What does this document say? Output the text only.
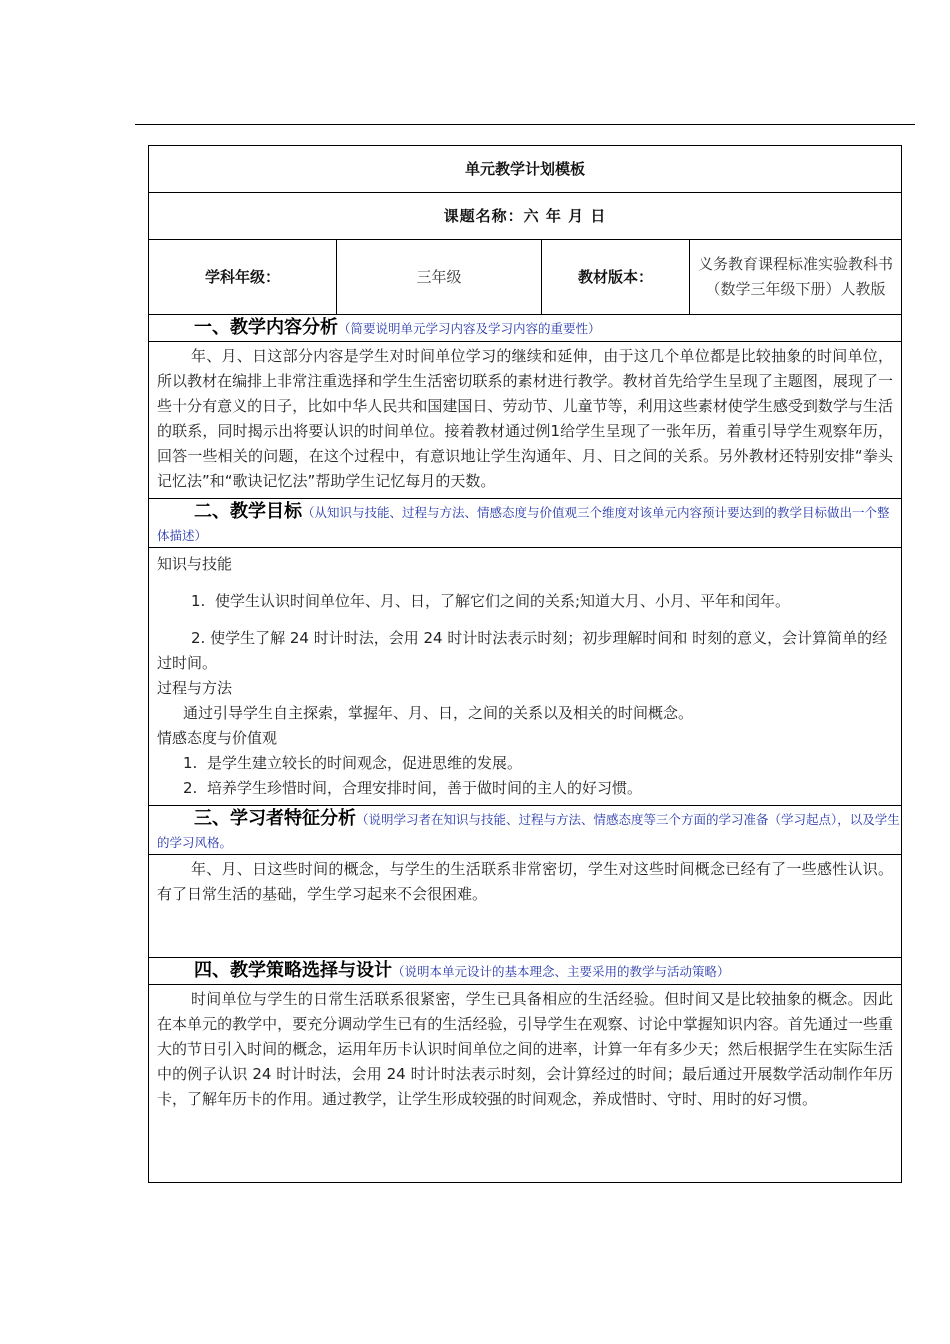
单元教学计划模板
课题名称：六 年 月 日
学科年级：	三年级	教材版本：	义务教育课程标准实验教科书（数学三年级下册）人教版
一、教学内容分析（简要说明单元学习内容及学习内容的重要性）
年、月、日这部分内容是学生对时间单位学习的继续和延伸，由于这几个单位都是比较抽象的时间单位，所以教材在编排上非常注重选择和学生生活密切联系的素材进行教学。教材首先给学生呈现了主题图，展现了一些十分有意义的日子，比如中华人民共和国建国日、劳动节、儿童节等，利用这些素材使学生感受到数学与生活的联系，同时揭示出将要认识的时间单位。接着教材通过例1给学生呈现了一张年历，着重引导学生观察年历，回答一些相关的问题，在这个过程中，有意识地让学生沟通年、月、日之间的关系。另外教材还特别安排“拳头记忆法”和“歌诀记忆法”帮助学生记忆每月的天数。
二、教学目标（从知识与技能、过程与方法、情感态度与价值观三个维度对该单元内容预计要达到的教学目标做出一个整体描述）

知识与技能

1. 使学生认识时间单位年、月、日，了解它们之间的关系;知道大月、小月、平年和闰年。

2. 使学生了解 24 时计时法，会用 24 时计时法表示时刻；初步理解时间和 时刻的意义，会计算简单的经过时间。

过程与方法

通过引导学生自主探索，掌握年、月、日，之间的关系以及相关的时间概念。

情感态度与价值观

1. 是学生建立较长的时间观念，促进思维的发展。

2. 培养学生珍惜时间，合理安排时间，善于做时间的主人的好习惯。

三、学习者特征分析（说明学习者在知识与技能、过程与方法、情感态度等三个方面的学习准备（学习起点），以及学生的学习风格。
年、月、日这些时间的概念，与学生的生活联系非常密切，学生对这些时间概念已经有了一些感性认识。有了日常生活的基础，学生学习起来不会很困难。
四、教学策略选择与设计（说明本单元设计的基本理念、主要采用的教学与活动策略）
时间单位与学生的日常生活联系很紧密，学生已具备相应的生活经验。但时间又是比较抽象的概念。因此在本单元的教学中，要充分调动学生已有的生活经验，引导学生在观察、讨论中掌握知识内容。首先通过一些重大的节日引入时间的概念，运用年历卡认识时间单位之间的进率，计算一年有多少天；然后根据学生在实际生活中的例子认识 24 时计时法，会用 24 时计时法表示时刻，会计算经过的时间；最后通过开展数学活动制作年历卡，了解年历卡的作用。通过教学，让学生形成较强的时间观念，养成惜时、守时、用时的好习惯。
